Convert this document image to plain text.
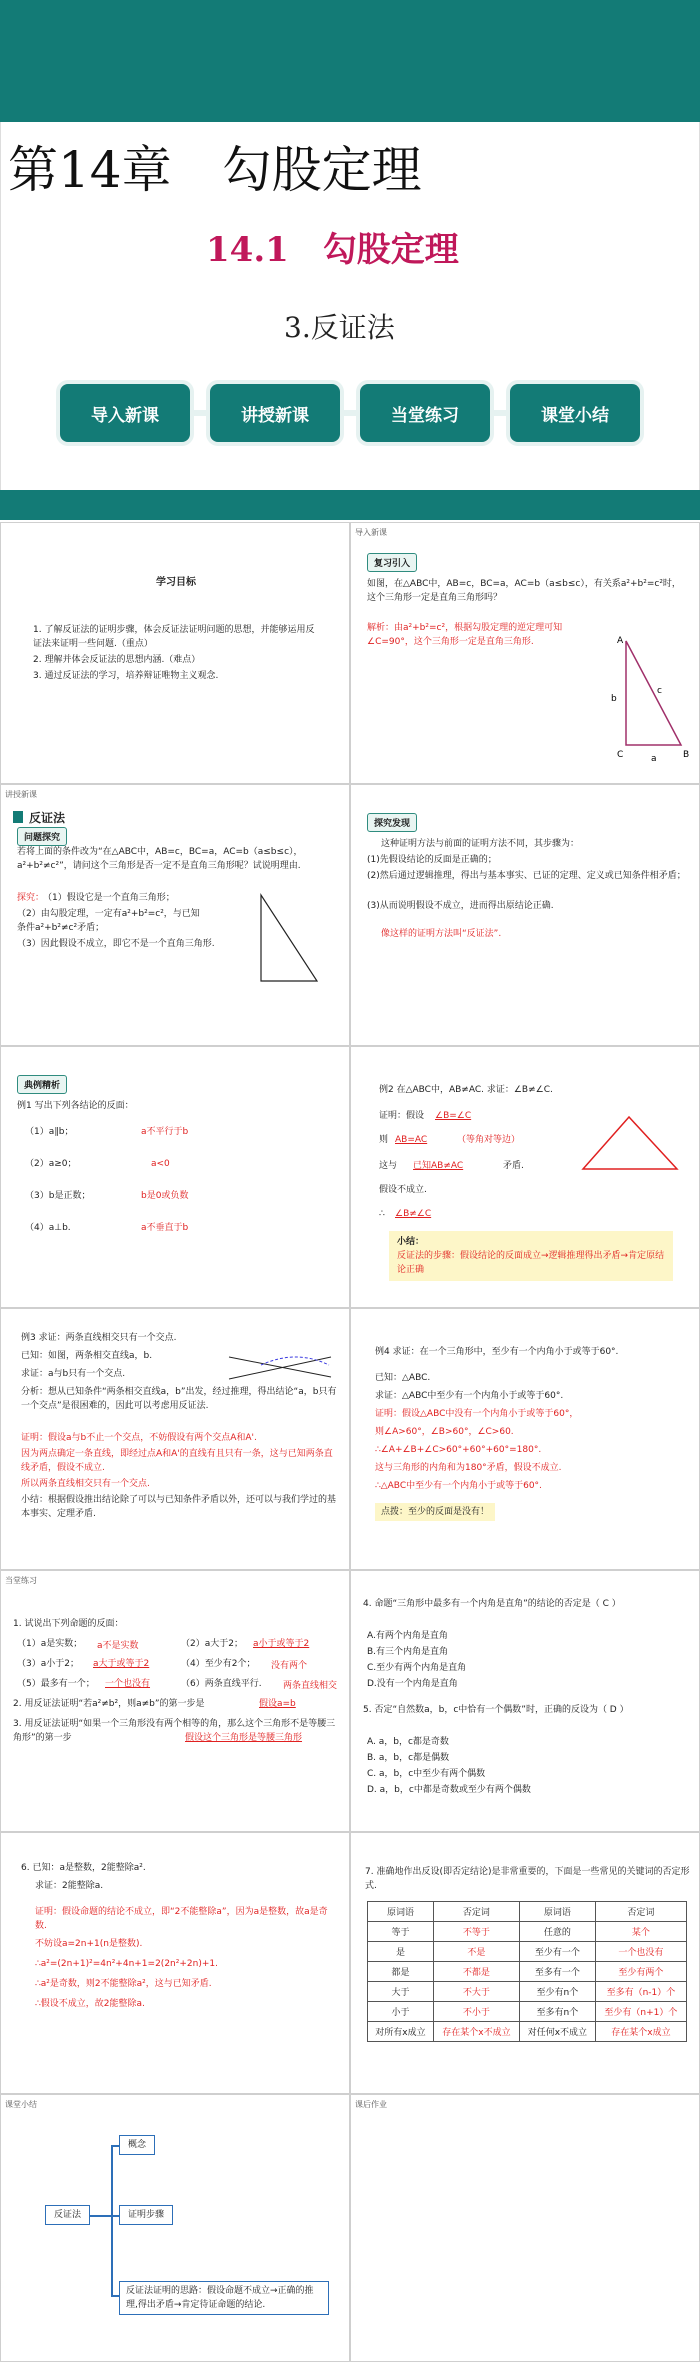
第14章　勾股定理
14.1　勾股定理
3.反证法
导入新课	讲授新课	当堂练习	课堂小结
学习目标
1. 了解反证法的证明步骤，体会反证法证明问题的思想，并能够运用反证法来证明一些问题.（重点）
2. 理解并体会反证法的思想内涵.（难点）
3. 通过反证法的学习，培养辩证唯物主义观念.
导入新课
复习引入
如图，在△ABC中，AB=c，BC=a，AC=b（a≤b≤c），有关系a²+b²=c²时，这个三角形一定是直角三角形吗？
解析：由a²+b²=c²，根据勾股定理的逆定理可知∠C=90°，这个三角形一定是直角三角形.	A
C	B
b
a
c
讲授新课
反证法
问题探究
若将上面的条件改为“在△ABC中，AB=c，BC=a，AC=b（a≤b≤c），a²+b²≠c²”，请问这个三角形是否一定不是直角三角形呢？试说明理由.
探究：
（1）假设它是一个直角三角形；
（2）由勾股定理，一定有a²+b²=c²，与已知条件a²+b²≠c²矛盾；
（3）因此假设不成立，即它不是一个直角三角形.
探究发现
这种证明方法与前面的证明方法不同，其步骤为：
(1)先假设结论的反面是正确的；
(2)然后通过逻辑推理，得出与基本事实、已证的定理、定义或已知条件相矛盾；
(3)从而说明假设不成立，进而得出原结论正确.
像这样的证明方法叫“反证法”.
典例精析
例1 写出下列各结论的反面：
（1）a∥b；	a不平行于b
（2）a≥0；	a<0
（3）b是正数；	b是0或负数
（4）a⊥b.	a不垂直于b
例2 在△ABC中，AB≠AC. 求证：∠B≠∠C.
证明：假设 ∠B=∠C
则 AB=AC	（等角对等边）
这与 已知AB≠AC	矛盾.
假设不成立.
∴ ∠B≠∠C
小结：
反证法的步骤：假设结论的反面成立→逻辑推理得出矛盾→肯定原结论正确
例3 求证：两条直线相交只有一个交点.
已知：如图，两条相交直线a，b.
求证：a与b只有一个交点.
分析：想从已知条件“两条相交直线a，b”出发，经过推理，得出结论“a，b只有一个交点”是很困难的，因此可以考虑用反证法.
证明：假设a与b不止一个交点，不妨假设有两个交点A和A'.
因为两点确定一条直线，即经过点A和A'的直线有且只有一条，这与已知两条直线矛盾，假设不成立.
所以两条直线相交只有一个交点.
小结：根据假设推出结论除了可以与已知条件矛盾以外，还可以与我们学过的基本事实、定理矛盾.
例4 求证：在一个三角形中，至少有一个内角小于或等于60°.
已知：△ABC.
求证：△ABC中至少有一个内角小于或等于60°.
证明：假设△ABC中没有一个内角小于或等于60°，
则∠A>60°，∠B>60°，∠C>60.
∴∠A+∠B+∠C>60°+60°+60°=180°.
这与三角形的内角和为180°矛盾，假设不成立.
∴△ABC中至少有一个内角小于或等于60°.
点拨：至少的反面是没有！
当堂练习
1. 试说出下列命题的反面：
（1）a是实数； a不是实数	（2）a大于2； a小于或等于2
（3）a小于2； a大于或等于2	（4）至少有2个； 没有两个
（5）最多有一个； 一个也没有	（6）两条直线平行. 两条直线相交
2. 用反证法证明“若a²≠b²，则a≠b”的第一步是	假设a=b
3. 用反证法证明“如果一个三角形没有两个相等的角，那么这个三角形不是等腰三角形”的第一步	假设这个三角形是等腰三角形
4. 命题“三角形中最多有一个内角是直角”的结论的否定是（ C ）
A.有两个内角是直角
B.有三个内角是直角
C.至少有两个内角是直角
D.没有一个内角是直角
5. 否定“自然数a，b，c中恰有一个偶数”时，正确的反设为（ D ）
A. a，b，c都是奇数
B. a，b，c都是偶数
C. a，b，c中至少有两个偶数
D. a，b，c中都是奇数或至少有两个偶数
6. 已知：a是整数，2能整除a².
求证：2能整除a.
证明：假设命题的结论不成立，即“2不能整除a”，因为a是整数，故a是奇数.
不妨设a=2n+1(n是整数).
∴a²=(2n+1)²=4n²+4n+1=2(2n²+2n)+1.
∴a²是奇数，则2不能整除a²，这与已知矛盾.
∴假设不成立，故2能整除a.
7. 准确地作出反设(即否定结论)是非常重要的，下面是一些常见的关键词的否定形式.
原词语	否定词	原词语	否定词
等于	不等于	任意的	某个
是	不是	至少有一个	一个也没有
都是	不都是	至多有一个	至少有两个
大于	不大于	至少有n个	至多有（n-1）个
小于	不小于	至多有n个	至少有（n+1）个
对所有x成立	存在某个x不成立	对任何x不成立	存在某个x成立
课堂小结
反证法
概念
证明步骤
反证法证明的思路：假设命题不成立→正确的推理,得出矛盾→肯定待证命题的结论.
课后作业
